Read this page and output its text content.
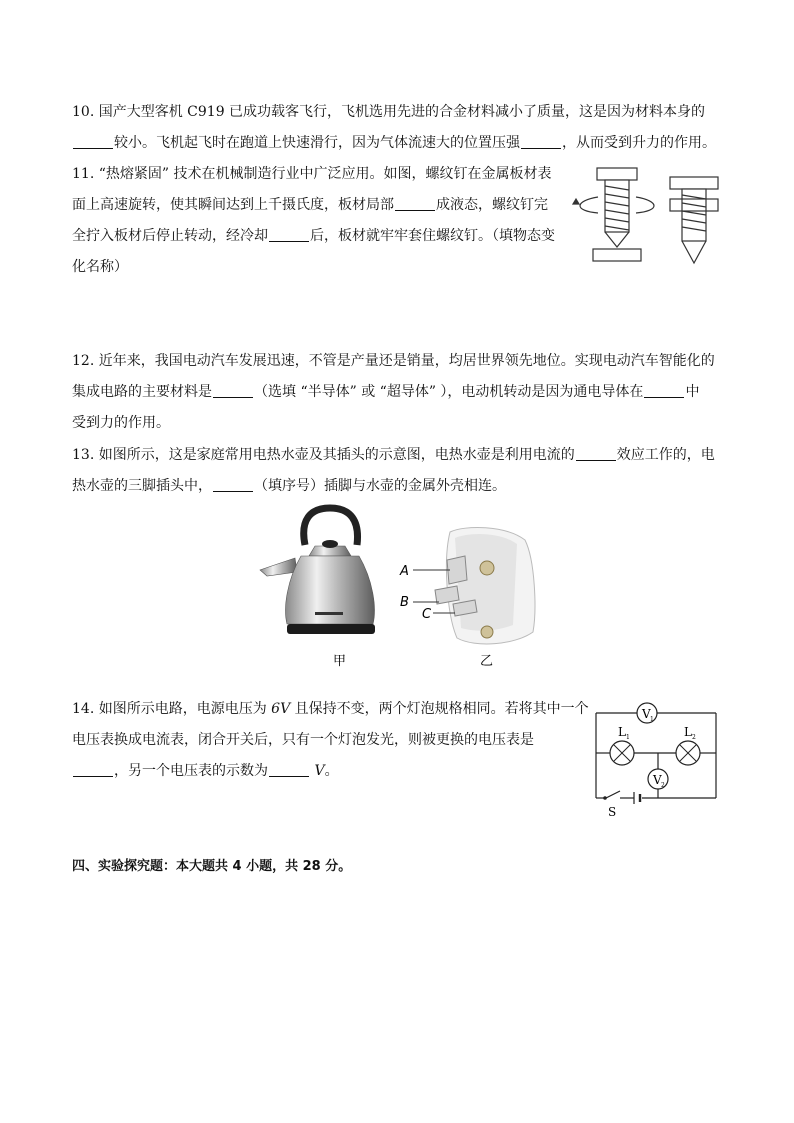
10. 国产大型客机 C919 已成功载客飞行，飞机选用先进的合金材料减小了质量，这是因为材料本身的

较小。飞机起飞时在跑道上快速滑行，因为气体流速大的位置压强	，从而受到升力的作用。

11. “热熔紧固” 技术在机械制造行业中广泛应用。如图，螺纹钉在金属板材表

面上高速旋转，使其瞬间达到上千摄氏度，板材局部	成液态，螺纹钉完

全拧入板材后停止转动，经冷却	后，板材就牢牢套住螺纹钉。（填物态变

化名称）

12. 近年来，我国电动汽车发展迅速，不管是产量还是销量，均居世界领先地位。实现电动汽车智能化的

集成电路的主要材料是	（选填 “半导体” 或 “超导体” ），电动机转动是因为通电导体在	中

受到力的作用。

13. 如图所示，这是家庭常用电热水壶及其插头的示意图，电热水壶是利用电流的	效应工作的，电

热水壶的三脚插头中，	（填序号）插脚与水壶的金属外壳相连。

甲
A
B
C
乙

14. 如图所示电路，电源电压为 6V 且保持不变，两个灯泡规格相同。若将其中一个

电压表换成电流表，闭合开关后，只有一个灯泡发光，则被更换的电压表是

，另一个电压表的示数为	V。

V 1
L 1	L 2
V 2
S
四、实验探究题：本大题共 4 小题，共 28 分。
